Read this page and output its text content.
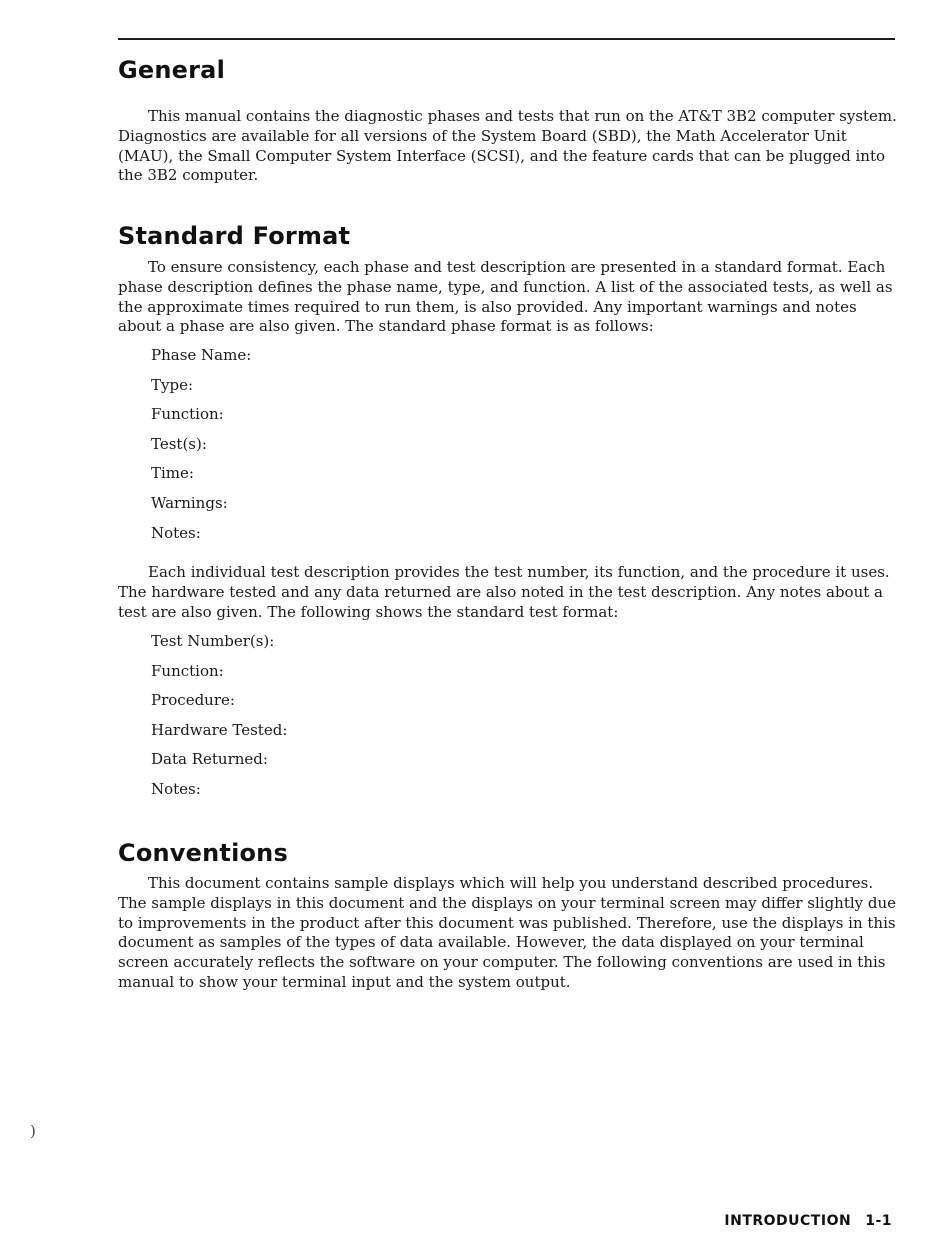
General

This manual contains the diagnostic phases and tests that run on the AT&T 3B2 computer system. Diagnostics are available for all versions of the System Board (SBD), the Math Accelerator Unit (MAU), the Small Computer System Interface (SCSI), and the feature cards that can be plugged into the 3B2 computer.

Standard Format

To ensure consistency, each phase and test description are presented in a standard format. Each phase description defines the phase name, type, and function. A list of the associated tests, as well as the approximate times required to run them, is also provided. Any important warnings and notes about a phase are also given. The standard phase format is as follows:

Phase Name:
Type:
Function:
Test(s):
Time:
Warnings:
Notes:

Each individual test description provides the test number, its function, and the procedure it uses. The hardware tested and any data returned are also noted in the test description. Any notes about a test are also given. The following shows the standard test format:

Test Number(s):
Function:
Procedure:
Hardware Tested:
Data Returned:
Notes:
Conventions

This document contains sample displays which will help you understand described procedures. The sample displays in this document and the displays on your terminal screen may differ slightly due to improvements in the product after this document was published. Therefore, use the displays in this document as samples of the types of data available. However, the data displayed on your terminal screen accurately reflects the software on your computer. The following conventions are used in this manual to show your terminal input and the system output.

)
INTRODUCTION 1-1
